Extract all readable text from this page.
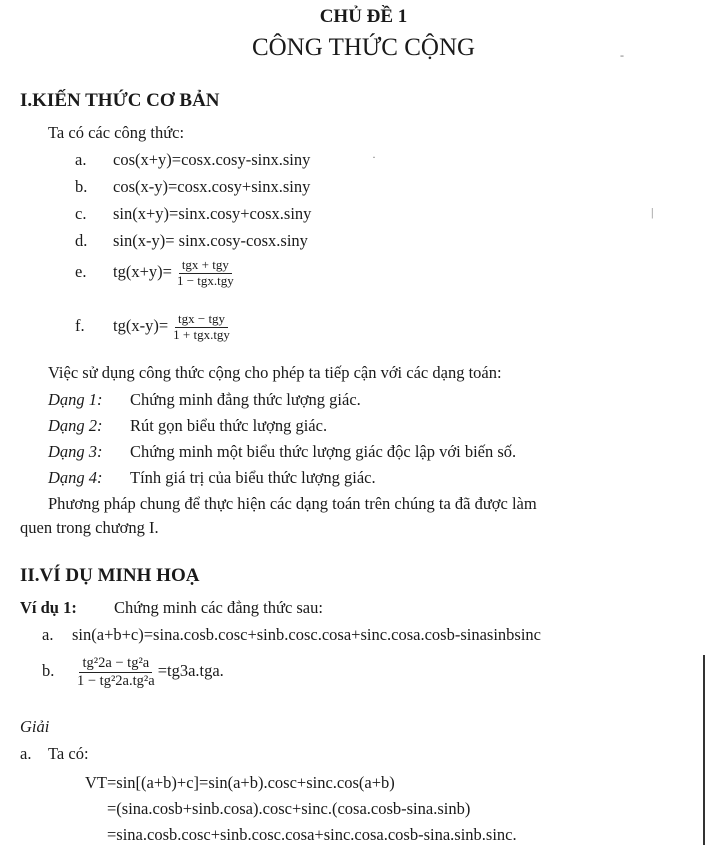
CHỦ ĐỀ 1
CÔNG THỨC CỘNG
I.KIẾN THỨC CƠ BẢN
Ta có các công thức:
a. cos(x+y)=cosx.cosy-sinx.siny
b. cos(x-y)=cosx.cosy+sinx.siny
c. sin(x+y)=sinx.cosy+cosx.siny
d. sin(x-y)= sinx.cosy-cosx.siny
e. $tg(x+y)= \frac{\text{tgx + tgy}}{\text{1 − tgx.tgy}}$
f. $tg(x-y)= \frac{\text{tgx − tgy}}{\text{1 + tgx.tgy}}$
Việc sử dụng công thức cộng cho phép ta tiếp cận với các dạng toán:
Dạng 1: Chứng minh đẳng thức lượng giác.
Dạng 2: Rút gọn biểu thức lượng giác.
Dạng 3: Chứng minh một biểu thức lượng giác độc lập với biến số.
Dạng 4: Tính giá trị của biểu thức lượng giác.
Phương pháp chung để thực hiện các dạng toán trên chúng ta đã được làm
quen trong chương I.
II.VÍ DỤ MINH HOẠ
Ví dụ 1: Chứng minh các đẳng thức sau:
a. sin(a+b+c)=sina.cosb.cosc+sinb.cosc.cosa+sinc.cosa.cosb-sinasinbsinc
b. $\frac{\text{tg²2a − tg²a}}{\text{1 − tg²2a.tg²a}} =tg3a.tga$.
Giải
a. Ta có:
VT=sin[(a+b)+c]=sin(a+b).cosc+sinc.cos(a+b)
=(sina.cosb+sinb.cosa).cosc+sinc.(cosa.cosb-sina.sinb)
=sina.cosb.cosc+sinb.cosc.cosa+sinc.cosa.cosb-sina.sinb.sinc.
|
·
-
